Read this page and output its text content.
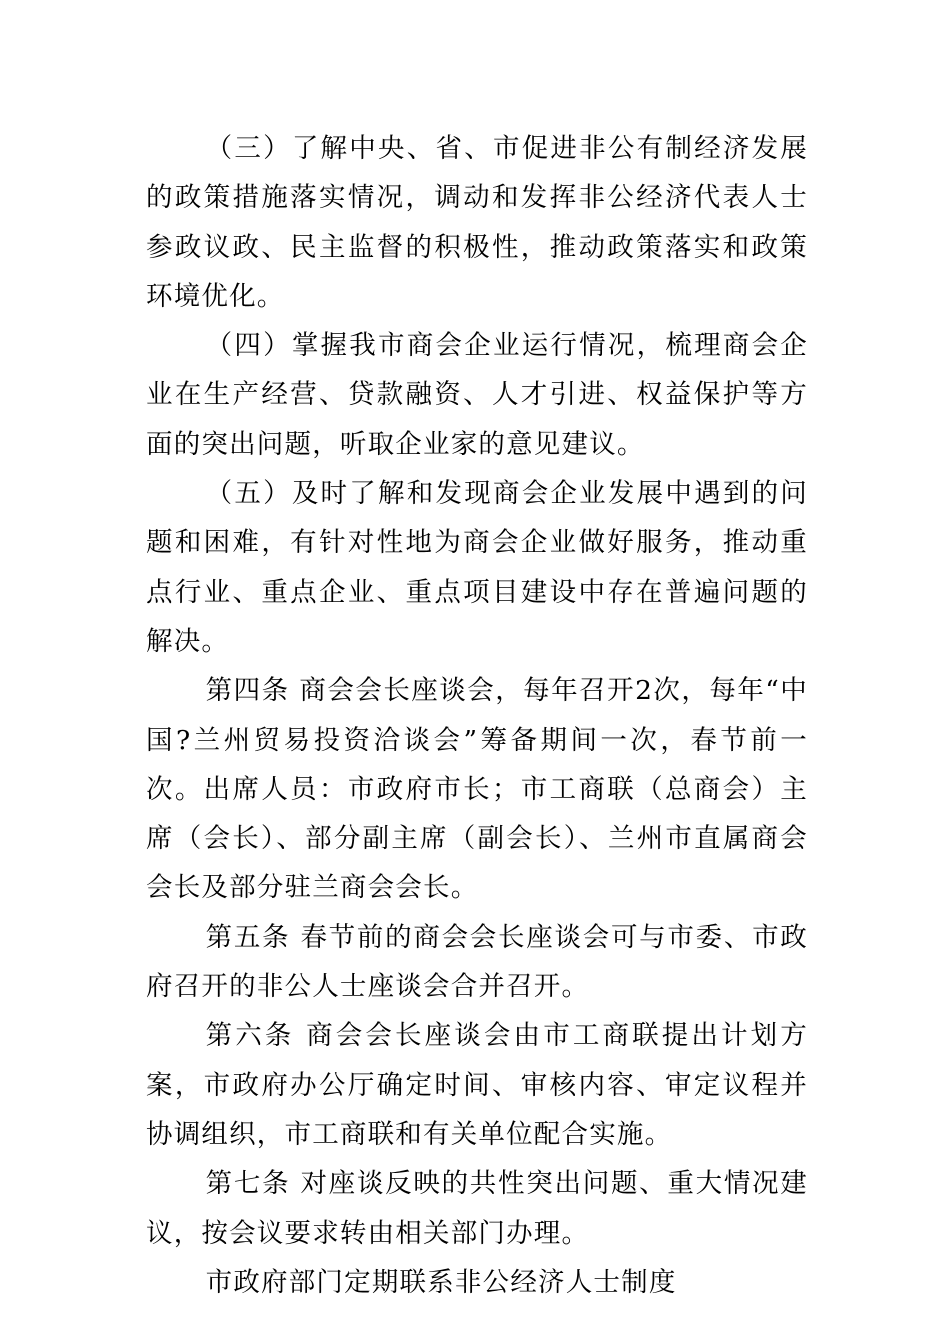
（三）了解中央、省、市促进非公有制经济发展的政策措施落实情况，调动和发挥非公经济代表人士参政议政、民主监督的积极性，推动政策落实和政策环境优化。

（四）掌握我市商会企业运行情况，梳理商会企业在生产经营、贷款融资、人才引进、权益保护等方面的突出问题，听取企业家的意见建议。

（五）及时了解和发现商会企业发展中遇到的问题和困难，有针对性地为商会企业做好服务，推动重点行业、重点企业、重点项目建设中存在普遍问题的解决。

第四条 商会会长座谈会，每年召开2次，每年“中国?兰州贸易投资洽谈会”筹备期间一次，春节前一次。出席人员：市政府市长；市工商联（总商会）主席（会长）、部分副主席（副会长）、兰州市直属商会会长及部分驻兰商会会长。

第五条 春节前的商会会长座谈会可与市委、市政府召开的非公人士座谈会合并召开。

第六条 商会会长座谈会由市工商联提出计划方案，市政府办公厅确定时间、审核内容、审定议程并协调组织，市工商联和有关单位配合实施。

第七条 对座谈反映的共性突出问题、重大情况建议，按会议要求转由相关部门办理。

市政府部门定期联系非公经济人士制度
